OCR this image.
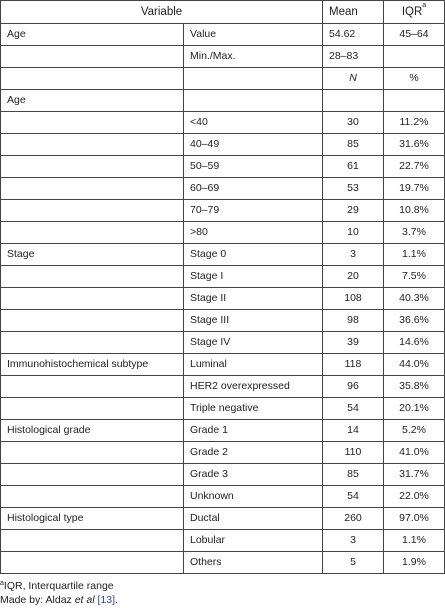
Variable		Mean	IQR$^a$
Age	Value	54.62	45–64
	Min./Max.	28–83	
		N	%
Age			
	<40	30	11.2%
	40–49	85	31.6%
	50–59	61	22.7%
	60–69	53	19.7%
	70–79	29	10.8%
	>80	10	3.7%
Stage	Stage 0	3	1.1%
	Stage I	20	7.5%
	Stage II	108	40.3%
	Stage III	98	36.6%
	Stage IV	39	14.6%
Immunohistochemical subtype	Luminal	118	44.0%
	HER2 overexpressed	96	35.8%
	Triple negative	54	20.1%
Histological grade	Grade 1	14	5.2%
	Grade 2	110	41.0%
	Grade 3	85	31.7%
	Unknown	54	22.0%
Histological type	Ductal	260	97.0%
	Lobular	3	1.1%
	Others	5	1.9%
$^a$IQR, Interquartile range
Made by: Aldaz et al [13].
